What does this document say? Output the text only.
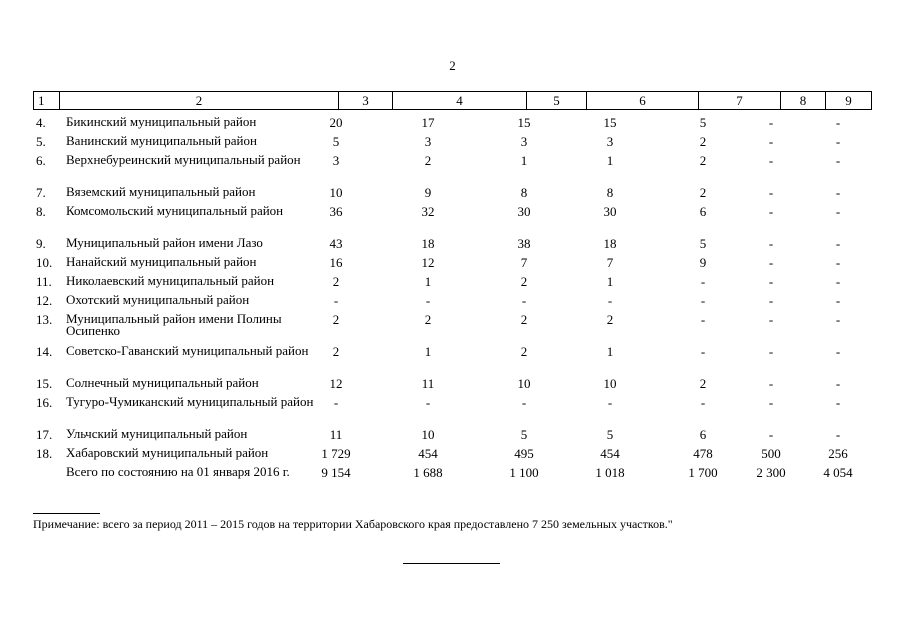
2
1	2	3	4	5	6	7	8	9
4. Бикинский муниципальный район	20	17	15	15	5	-	-
5. Ванинский муниципальный район	5	3	3	3	2	-	-
6. Верхнебуреинский муниципальный район	3	2	1	1	2	-	-
7. Вяземский муниципальный район	10	9	8	8	2	-	-
8. Комсомольский муниципальный район	36	32	30	30	6	-	-
9. Муниципальный район имени Лазо	43	18	38	18	5	-	-
10. Нанайский муниципальный район	16	12	7	7	9	-	-
11. Николаевский муниципальный район	2	1	2	1	-	-	-
12. Охотский муниципальный район	-	-	-	-	-	-	-
13. Муниципальный район имени Полины Осипенко
2	2	2	2	-	-	-
14. Советско-Гаванский муниципальный район	2	1	2	1	-	-	-
15. Солнечный муниципальный район	12	11	10	10	2	-	-
16. Тугуро-Чумиканский муниципальный район	-	-	-	-	-	-	-
17. Ульчский муниципальный район	11	10	5	5	6	-	-
18. Хабаровский муниципальный район	1 729	454	495	454	478	500	256
Всего по состоянию на 01 января 2016 г.	9 154	1 688	1 100	1 018	1 700	2 300	4 054
Примечание: всего за период 2011 – 2015 годов на территории Хабаровского края предоставлено 7 250 земельных участков."
